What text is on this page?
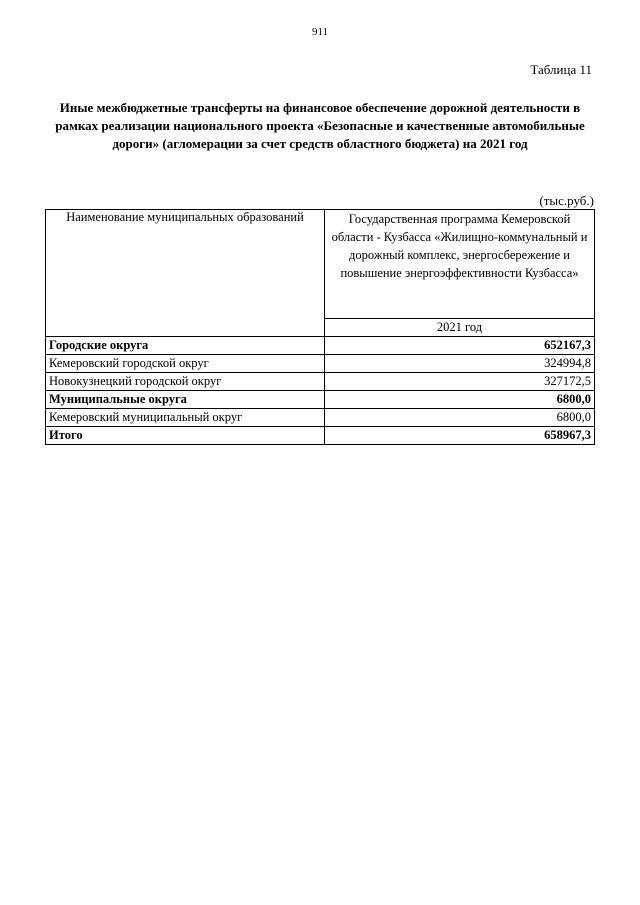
911
Таблица 11
Иные межбюджетные трансферты на финансовое обеспечение дорожной деятельности в рамках реализации национального проекта «Безопасные и качественные автомобильные дороги» (агломерации за счет средств областного бюджета) на 2021 год
(тыс.руб.)
Наименование муниципальных образований	Государственная программа Кемеровской области - Кузбасса «Жилищно-коммунальный и дорожный комплекс, энергосбережение и повышение энергоэффективности Кузбасса»
	2021 год
Городские округа	652167,3
Кемеровский городской округ	324994,8
Новокузнецкий городской округ	327172,5
Муниципальные округа	6800,0
Кемеровский муниципальный округ	6800,0
Итого	658967,3
